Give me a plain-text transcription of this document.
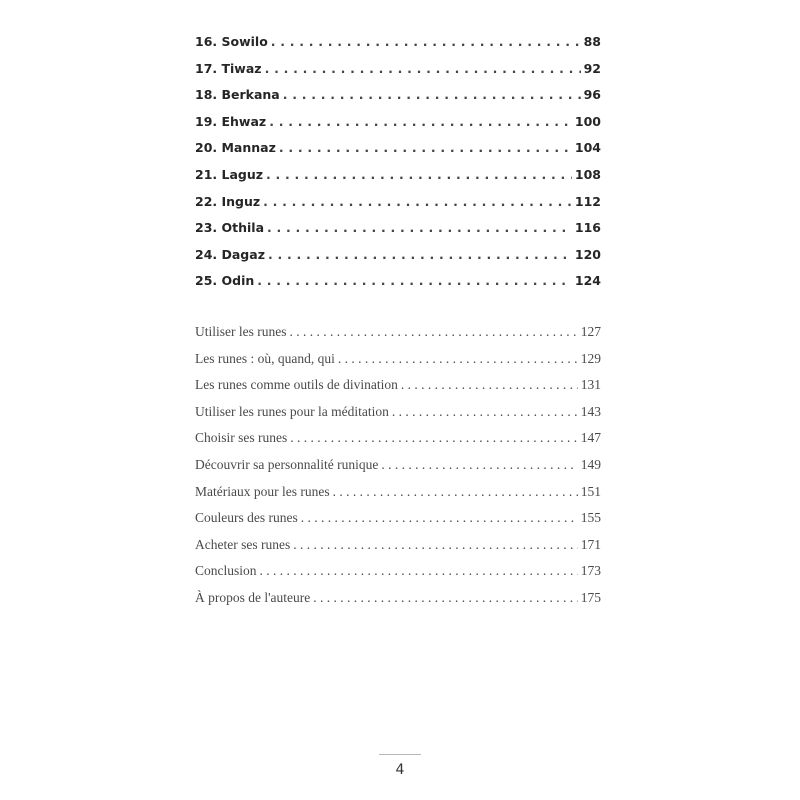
16. Sowilo . . .	88
17. Tiwaz . . .	92
18. Berkana . . .	96
19. Ehwaz . . .	100
20. Mannaz . . .	104
21. Laguz . . .	108
22. Inguz . . .	112
23. Othila . . .	116
24. Dagaz . . .	120
25. Odin . . .	124
Utiliser les runes . . .	127
Les runes : où, quand, qui . . .	129
Les runes comme outils de divination . . .	131
Utiliser les runes pour la méditation . . .	143
Choisir ses runes . . .	147
Découvrir sa personnalité runique . . .	149
Matériaux pour les runes . . .	151
Couleurs des runes . . .	155
Acheter ses runes . . .	171
Conclusion . . .	173
À propos de l'auteure . . .	175
4
